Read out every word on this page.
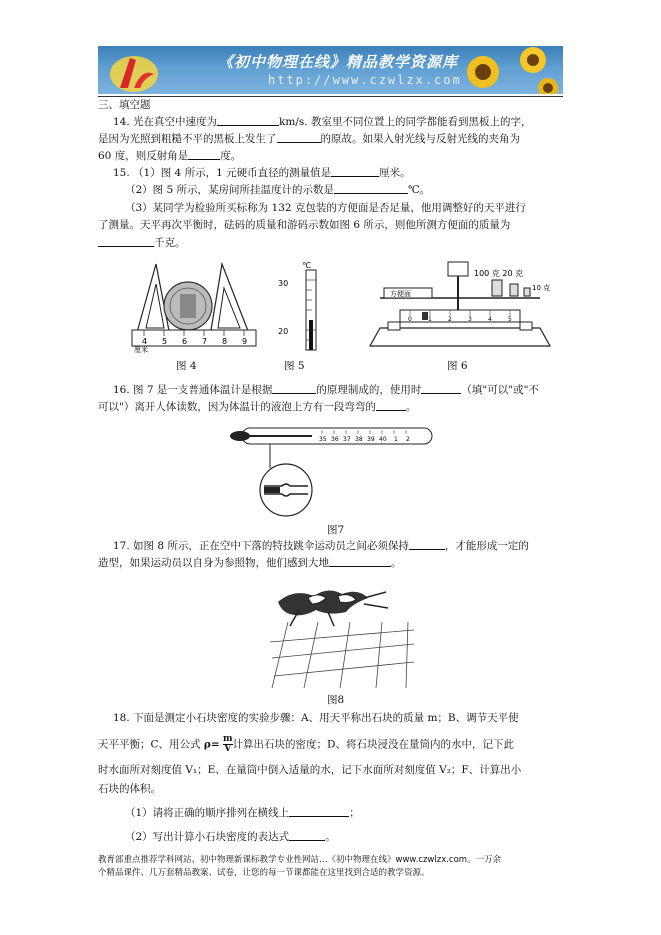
《初中物理在线》精品教学资源库
http://www.czwlzx.com
三、填空题
14. 光在真空中速度为	km/s. 教室里不同位置上的同学都能看到黑板上的字，
是因为光照到粗糙不平的黑板上发生了	的原故。如果入射光线与反射光线的夹角为
60 度，则反射角是	度。
15. （1）图 4 所示，1 元硬币直径的测量值是	厘米。
（2）图 5 所示，某房间所挂温度计的示数是	℃。
（3）某同学为检验所买标称为 132 克包装的方便面是否足量，他用调整好的天平进行
了测量。天平再次平衡时，砝码的质量和游码示数如图 6 所示，则他所测方便面的质量为
千克。
4 5 6 7 8 9
厘米
图 4
℃
30
20
图 5
方便面
100 克 20 克
10 克
0	1	2	3	4	5
图 6
16. 图 7 是一支普通体温计是根据	的原理制成的，使用时	（填"可以"或"不
可以"）离开人体读数，因为体温计的液泡上方有一段弯弯的	。
35 36 37 38 39 40 1 2
图7
17. 如图 8 所示，正在空中下落的特技跳伞运动员之间必须保持	，才能形成一定的
造型，如果运动员以自身为参照物，他们感到大地	。
图8
18. 下面是测定小石块密度的实验步骤：A、用天平称出石块的质量 m；B、调节天平使
天平平衡；C、用公式 $\rho= \frac{m}{V}$ 计算出石块的密度；D、将石块浸没在量筒内的水中，记下此
时水面所对刻度值 V₁；E、在量筒中倒入适量的水，记下水面所对刻度值 V₂；F、计算出小
石块的体积。
（1）请将正确的顺序排列在横线上	；
（2）写出计算小石块密度的表达式	。
教育部重点推荐学科网站、初中物理新课标教学专业性网站…《初中物理在线》www.czwlzx.com。一万余
个精品课件、几万套精品教案、试卷，让您的每一节课都能在这里找到合适的教学资源。
